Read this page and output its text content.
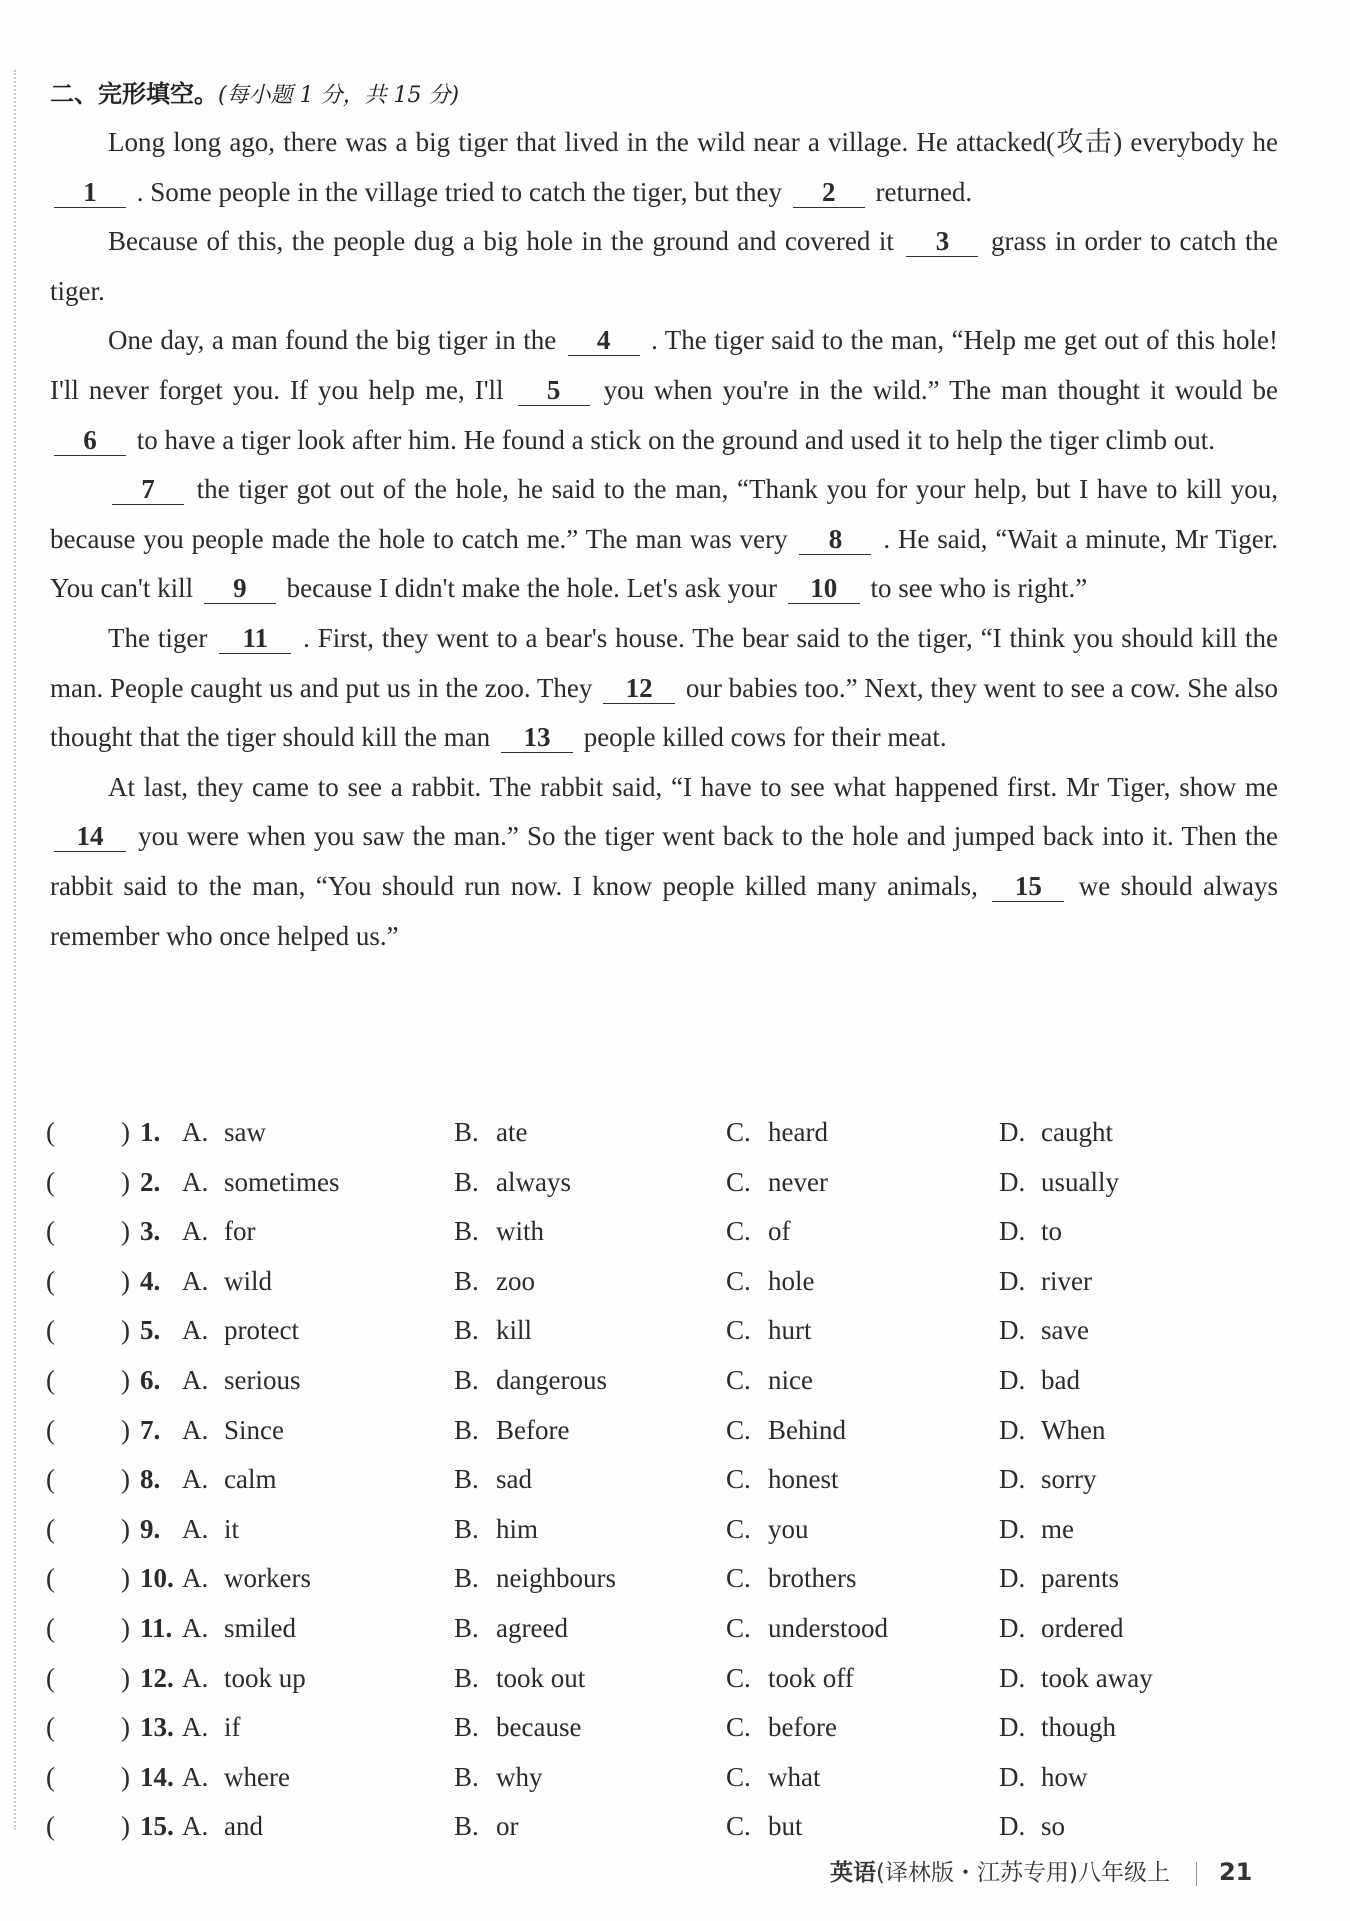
二、完形填空。(每小题 1 分，共 15 分)

Long long ago, there was a big tiger that lived in the wild near a village. He attacked(攻击) everybody he 1 . Some people in the village tried to catch the tiger, but they 2 returned.

Because of this, the people dug a big hole in the ground and covered it 3 grass in order to catch the tiger.

One day, a man found the big tiger in the 4 . The tiger said to the man, “Help me get out of this hole! I'll never forget you. If you help me, I'll 5 you when you're in the wild.” The man thought it would be 6 to have a tiger look after him. He found a stick on the ground and used it to help the tiger climb out.

7 the tiger got out of the hole, he said to the man, “Thank you for your help, but I have to kill you, because you people made the hole to catch me.” The man was very 8 . He said, “Wait a minute, Mr Tiger. You can't kill 9 because I didn't make the hole. Let's ask your 10 to see who is right.”

The tiger 11 . First, they went to a bear's house. The bear said to the tiger, “I think you should kill the man. People caught us and put us in the zoo. They 12 our babies too.” Next, they went to see a cow. She also thought that the tiger should kill the man 13 people killed cows for their meat.

At last, they came to see a rabbit. The rabbit said, “I have to see what happened first. Mr Tiger, show me 14 you were when you saw the man.” So the tiger went back to the hole and jumped back into it. Then the rabbit said to the man, “You should run now. I know people killed many animals, 15 we should always remember who once helped us.”

( ) 1. A. saw	B. ate	C. heard	D. caught
( ) 2. A. sometimes	B. always	C. never	D. usually
( ) 3. A. for	B. with	C. of	D. to
( ) 4. A. wild	B. zoo	C. hole	D. river
( ) 5. A. protect	B. kill	C. hurt	D. save
( ) 6. A. serious	B. dangerous	C. nice	D. bad
( ) 7. A. Since	B. Before	C. Behind	D. When
( ) 8. A. calm	B. sad	C. honest	D. sorry
( ) 9. A. it	B. him	C. you	D. me
( ) 10. A. workers	B. neighbours	C. brothers	D. parents
( ) 11. A. smiled	B. agreed	C. understood	D. ordered
( ) 12. A. took up	B. took out	C. took off	D. took away
( ) 13. A. if	B. because	C. before	D. though
( ) 14. A. where	B. why	C. what	D. how
( ) 15. A. and	B. or	C. but	D. so
英语(译林版・江苏专用)八年级上 21
